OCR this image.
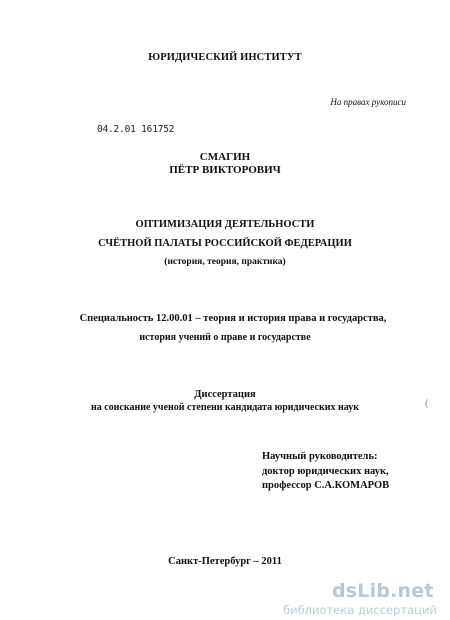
ЮРИДИЧЕСКИЙ ИНСТИТУТ
На правах рукописи
04.2.01 161752
СМАГИН
ПЁТР ВИКТОРОВИЧ
ОПТИМИЗАЦИЯ ДЕЯТЕЛЬНОСТИ
СЧЁТНОЙ ПАЛАТЫ РОССИЙСКОЙ ФЕДЕРАЦИИ
(история, теория, практика)
Специальность 12.00.01 – теория и история права и государства,
история учений о праве и государстве
Диссертация
на соискание ученой степени кандидата юридических наук	(
Научный руководитель:
доктор юридических наук,
профессор С.А.КОМАРОВ
Санкт-Петербург – 2011
dsLib.net
библиотека диссертаций
